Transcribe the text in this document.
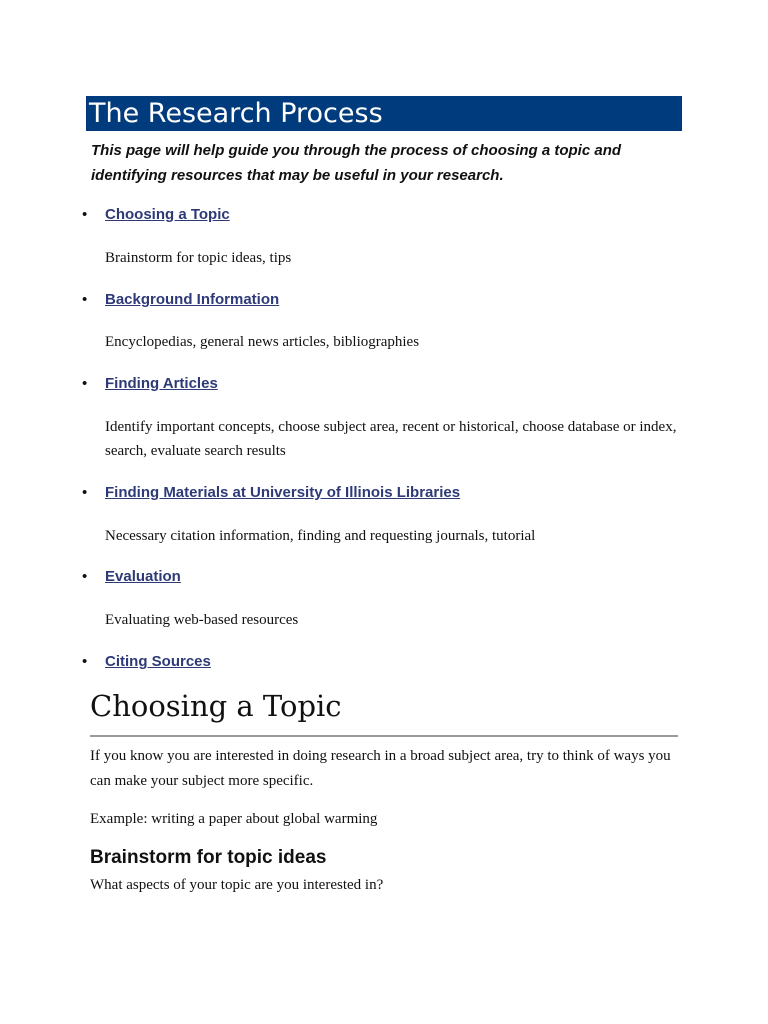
The Research Process
This page will help guide you through the process of choosing a topic and identifying resources that may be useful in your research.
• Choosing a Topic
Brainstorm for topic ideas, tips
• Background Information
Encyclopedias, general news articles, bibliographies
• Finding Articles
Identify important concepts, choose subject area, recent or historical, choose database or index, search, evaluate search results
• Finding Materials at University of Illinois Libraries
Necessary citation information, finding and requesting journals, tutorial
• Evaluation
Evaluating web-based resources
• Citing Sources
Choosing a Topic
If you know you are interested in doing research in a broad subject area, try to think of ways you can make your subject more specific.
Example: writing a paper about global warming
Brainstorm for topic ideas
What aspects of your topic are you interested in?
